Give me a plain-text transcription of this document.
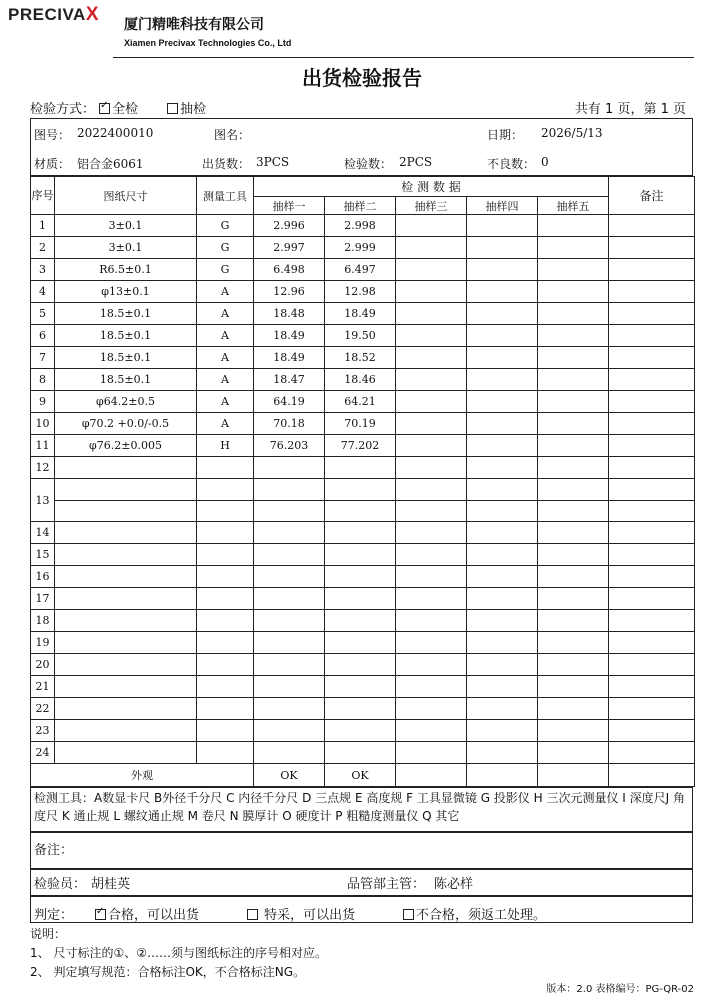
PRECIVAX 厦门精唯科技有限公司
Xiamen Precivax Technologies Co., Ltd
出货检验报告
检验方式： ✓ 全检	抽检	共有 1 页，第 1 页
图号： 2022400010	图名：	日期： 2026/5/13
材质： 铝合金6061	出货数： 3PCS	检验数： 2PCS	不良数： 0
序号	图纸尺寸	测量工具	检 测 数 据					备注
			抽样一	抽样二	抽样三	抽样四	抽样五	
1	3±0.1	G	2.996	2.998				
2	3±0.1	G	2.997	2.999				
3	R6.5±0.1	G	6.498	6.497				
4	φ13±0.1	A	12.96	12.98				
5	18.5±0.1	A	18.48	18.49				
6	18.5±0.1	A	18.49	19.50				
7	18.5±0.1	A	18.49	18.52				
8	18.5±0.1	A	18.47	18.46				
9	φ64.2±0.5	A	64.19	64.21				
10	φ70.2 +0.0/-0.5	A	70.18	70.19				
11	φ76.2±0.005	H	76.203	77.202				
12								
13								

14								
15								
16								
17								
18								
19								
20								
21								
22								
23								
24								
外观			OK	OK				
检测工具：A数显卡尺 B外径千分尺 C 内径千分尺 D 三点规 E 高度规 F 工具显微镜 G 投影仪 H 三次元测量仪 I 深度尺J 角度尺 K 通止规 L 螺纹通止规 M 卷尺 N 膜厚计 O 硬度计 P 粗糙度测量仪 Q 其它
备注：
检验员： 胡桂英	品管部主管： 陈必样
判定： ✓	合格，可以出货	特采，可以出货	不合格，须返工处理。
说明：
1、 尺寸标注的①、②……须与图纸标注的序号相对应。
2、 判定填写规范：合格标注OK，不合格标注NG。
版本：2.0 表格编号：PG-QR-02
